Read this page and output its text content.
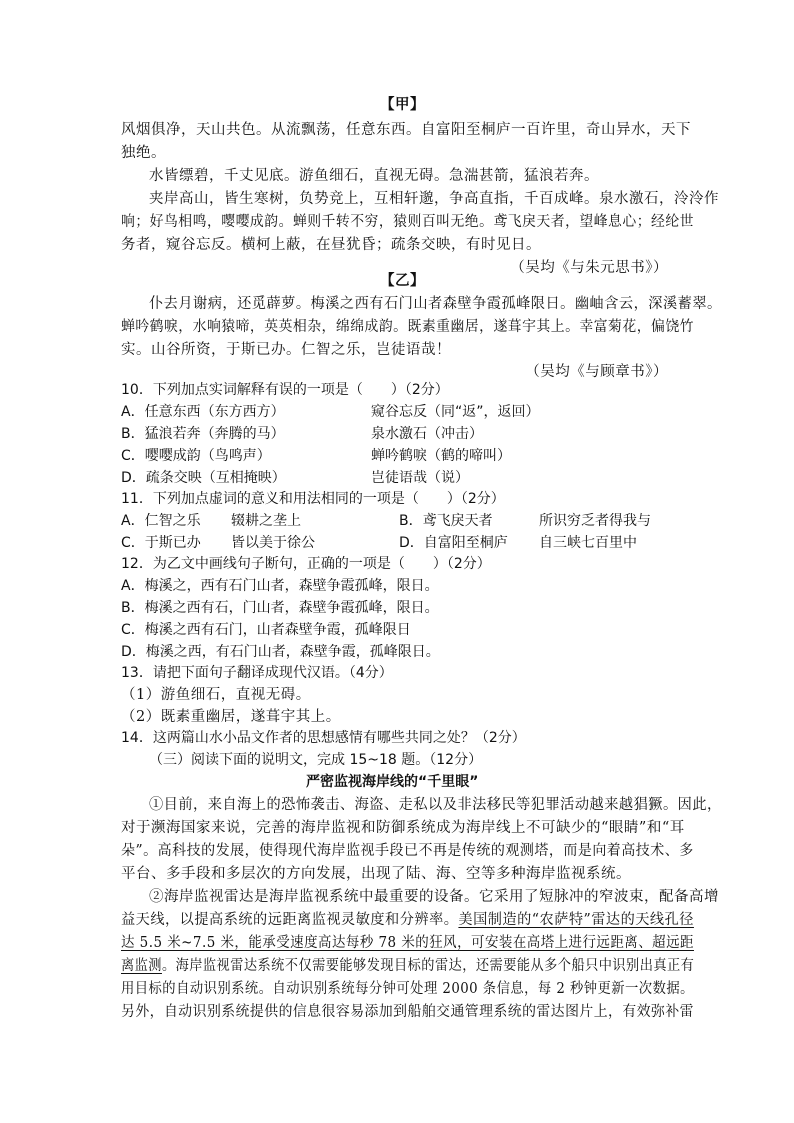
【甲】
风烟俱净，天山共色。从流飘荡，任意东西。自富阳至桐庐一百许里，奇山异水，天下
独绝。
水皆缥碧，千丈见底。游鱼细石，直视无碍。急湍甚箭，猛浪若奔。
夹岸高山，皆生寒树，负势竞上，互相轩邈，争高直指，千百成峰。泉水激石，泠泠作
响；好鸟相鸣，嘤嘤成韵。蝉则千转不穷，猿则百叫无绝。鸢飞戾天者，望峰息心；经纶世
务者，窥谷忘反。横柯上蔽，在昼犹昏；疏条交映，有时见日。
（吴均《与朱元思书》）
【乙】
仆去月谢病，还觅薜萝。梅溪之西有石门山者森壁争霞孤峰限日。幽岫含云，深溪蓄翠。
蝉吟鹤唳，水响猿啼，英英相杂，绵绵成韵。既素重幽居，遂葺宇其上。幸富菊花，偏饶竹
实。山谷所资，于斯已办。仁智之乐，岂徒语哉！
（吴均《与顾章书》）
10．下列加点实词解释有误的一项是（　　）（2分）
A．任意东西（东方西方）	窥谷忘反（同“返”，返回）
B．猛浪若奔（奔腾的马）	泉水激石（冲击）
C．嘤嘤成韵（鸟鸣声）	蝉吟鹤唳（鹤的啼叫）
D．疏条交映（互相掩映）	岂徒语哉（说）
11．下列加点虚词的意义和用法相同的一项是（　　）（2分）
A．仁智之乐 辍耕之垄上	B．鸢飞戾天者	所识穷乏者得我与
C．于斯已办 皆以美于徐公	D．自富阳至桐庐 自三峡七百里中
12．为乙文中画线句子断句，正确的一项是（　　）（2分）
A．梅溪之，西有石门山者，森壁争霞孤峰，限日。
B．梅溪之西有石，门山者，森壁争霞孤峰，限日。
C．梅溪之西有石门，山者森壁争霞，孤峰限日
D．梅溪之西，有石门山者，森壁争霞，孤峰限日。
13．请把下面句子翻译成现代汉语。（4分）
（1）游鱼细石，直视无碍。
（2）既素重幽居，遂葺宇其上。
14．这两篇山水小品文作者的思想感情有哪些共同之处？（2分）
（三）阅读下面的说明文，完成 15~18 题。（12分）
严密监视海岸线的“千里眼”
①目前，来自海上的恐怖袭击、海盗、走私以及非法移民等犯罪活动越来越猖獗。因此，
对于濒海国家来说，完善的海岸监视和防御系统成为海岸线上不可缺少的“眼睛”和“耳
朵”。高科技的发展，使得现代海岸监视手段已不再是传统的观测塔，而是向着高技术、多
平台、多手段和多层次的方向发展，出现了陆、海、空等多种海岸监视系统。
②海岸监视雷达是海岸监视系统中最重要的设备。它采用了短脉冲的窄波束，配备高增
益天线，以提高系统的远距离监视灵敏度和分辨率。美国制造的“农萨特”雷达的天线孔径
达 5.5 米~7.5 米，能承受速度高达每秒 78 米的狂风，可安装在高塔上进行远距离、超远距
离监测。海岸监视雷达系统不仅需要能够发现目标的雷达，还需要能从多个船只中识别出真正有
用目标的自动识别系统。自动识别系统每分钟可处理 2000 条信息，每 2 秒钟更新一次数据。
另外，自动识别系统提供的信息很容易添加到船舶交通管理系统的雷达图片上，有效弥补雷
